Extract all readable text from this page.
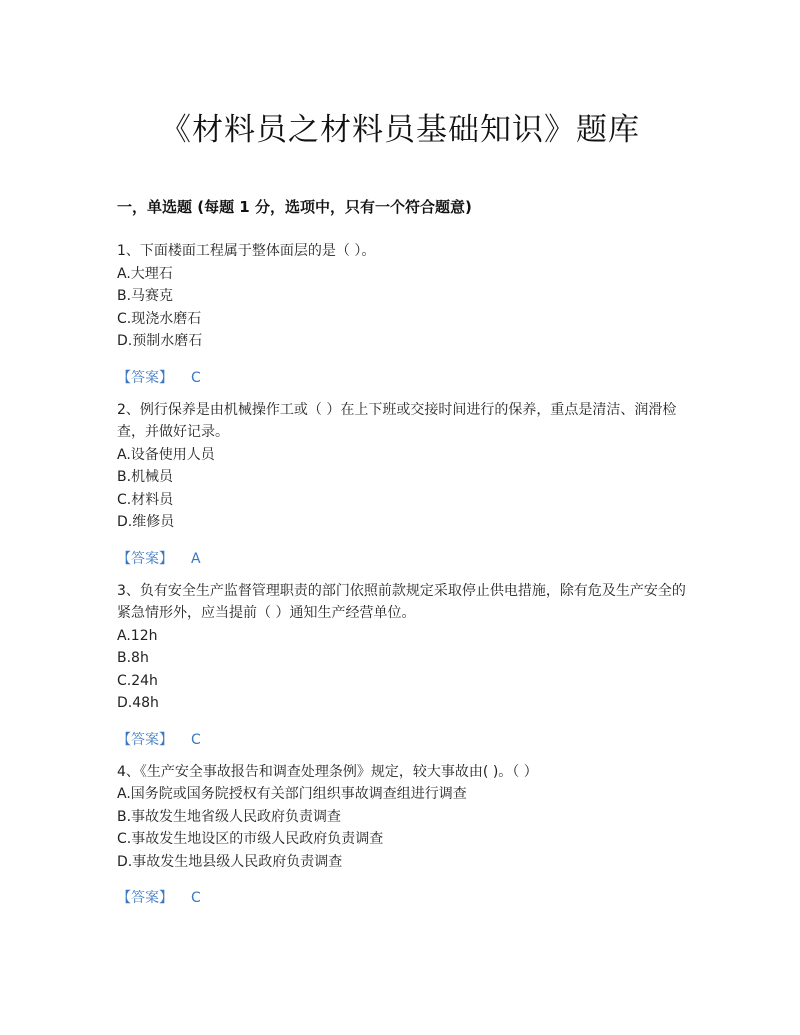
《材料员之材料员基础知识》题库
一，单选题 (每题 1 分，选项中，只有一个符合题意)
1、下面楼面工程属于整体面层的是（ ）。
A.大理石
B.马赛克
C.现浇水磨石
D.预制水磨石
【答案】 C
2、例行保养是由机械操作工或（ ）在上下班或交接时间进行的保养，重点是清洁、润滑检查，并做好记录。
A.设备使用人员
B.机械员
C.材料员
D.维修员
【答案】 A
3、负有安全生产监督管理职责的部门依照前款规定采取停止供电措施，除有危及生产安全的紧急情形外，应当提前（ ）通知生产经营单位。
A.12h
B.8h
C.24h
D.48h
【答案】 C
4、《生产安全事故报告和调查处理条例》规定，较大事故由( )。（ ）
A.国务院或国务院授权有关部门组织事故调查组进行调查
B.事故发生地省级人民政府负责调查
C.事故发生地设区的市级人民政府负责调查
D.事故发生地县级人民政府负责调查
【答案】 C
